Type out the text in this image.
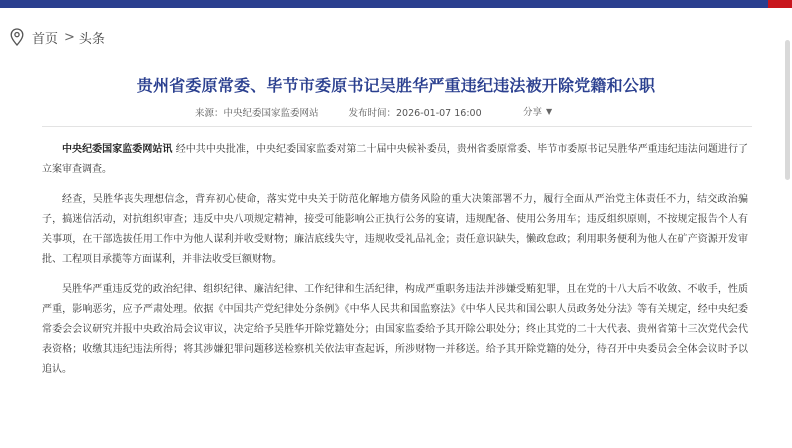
首页 > 头条
贵州省委原常委、毕节市委原书记吴胜华严重违纪违法被开除党籍和公职
来源：中央纪委国家监委网站	发布时间：2026-01-07 16:00	分享 ▼

中央纪委国家监委网站讯 经中共中央批准，中央纪委国家监委对第二十届中央候补委员，贵州省委原常委、毕节市委原书记吴胜华严重违纪违法问题进行了立案审查调查。

经查，吴胜华丧失理想信念，背弃初心使命，落实党中央关于防范化解地方债务风险的重大决策部署不力，履行全面从严治党主体责任不力，结交政治骗子，搞迷信活动，对抗组织审查；违反中央八项规定精神，接受可能影响公正执行公务的宴请，违规配备、使用公务用车；违反组织原则，不按规定报告个人有关事项，在干部选拔任用工作中为他人谋利并收受财物；廉洁底线失守，违规收受礼品礼金；责任意识缺失，懒政怠政；利用职务便利为他人在矿产资源开发审批、工程项目承揽等方面谋利，并非法收受巨额财物。

吴胜华严重违反党的政治纪律、组织纪律、廉洁纪律、工作纪律和生活纪律，构成严重职务违法并涉嫌受贿犯罪，且在党的十八大后不收敛、不收手，性质严重，影响恶劣，应予严肃处理。依据《中国共产党纪律处分条例》《中华人民共和国监察法》《中华人民共和国公职人员政务处分法》等有关规定，经中央纪委常委会会议研究并报中央政治局会议审议，决定给予吴胜华开除党籍处分；由国家监委给予其开除公职处分；终止其党的二十大代表、贵州省第十三次党代会代表资格；收缴其违纪违法所得；将其涉嫌犯罪问题移送检察机关依法审查起诉，所涉财物一并移送。给予其开除党籍的处分，待召开中央委员会全体会议时予以追认。
